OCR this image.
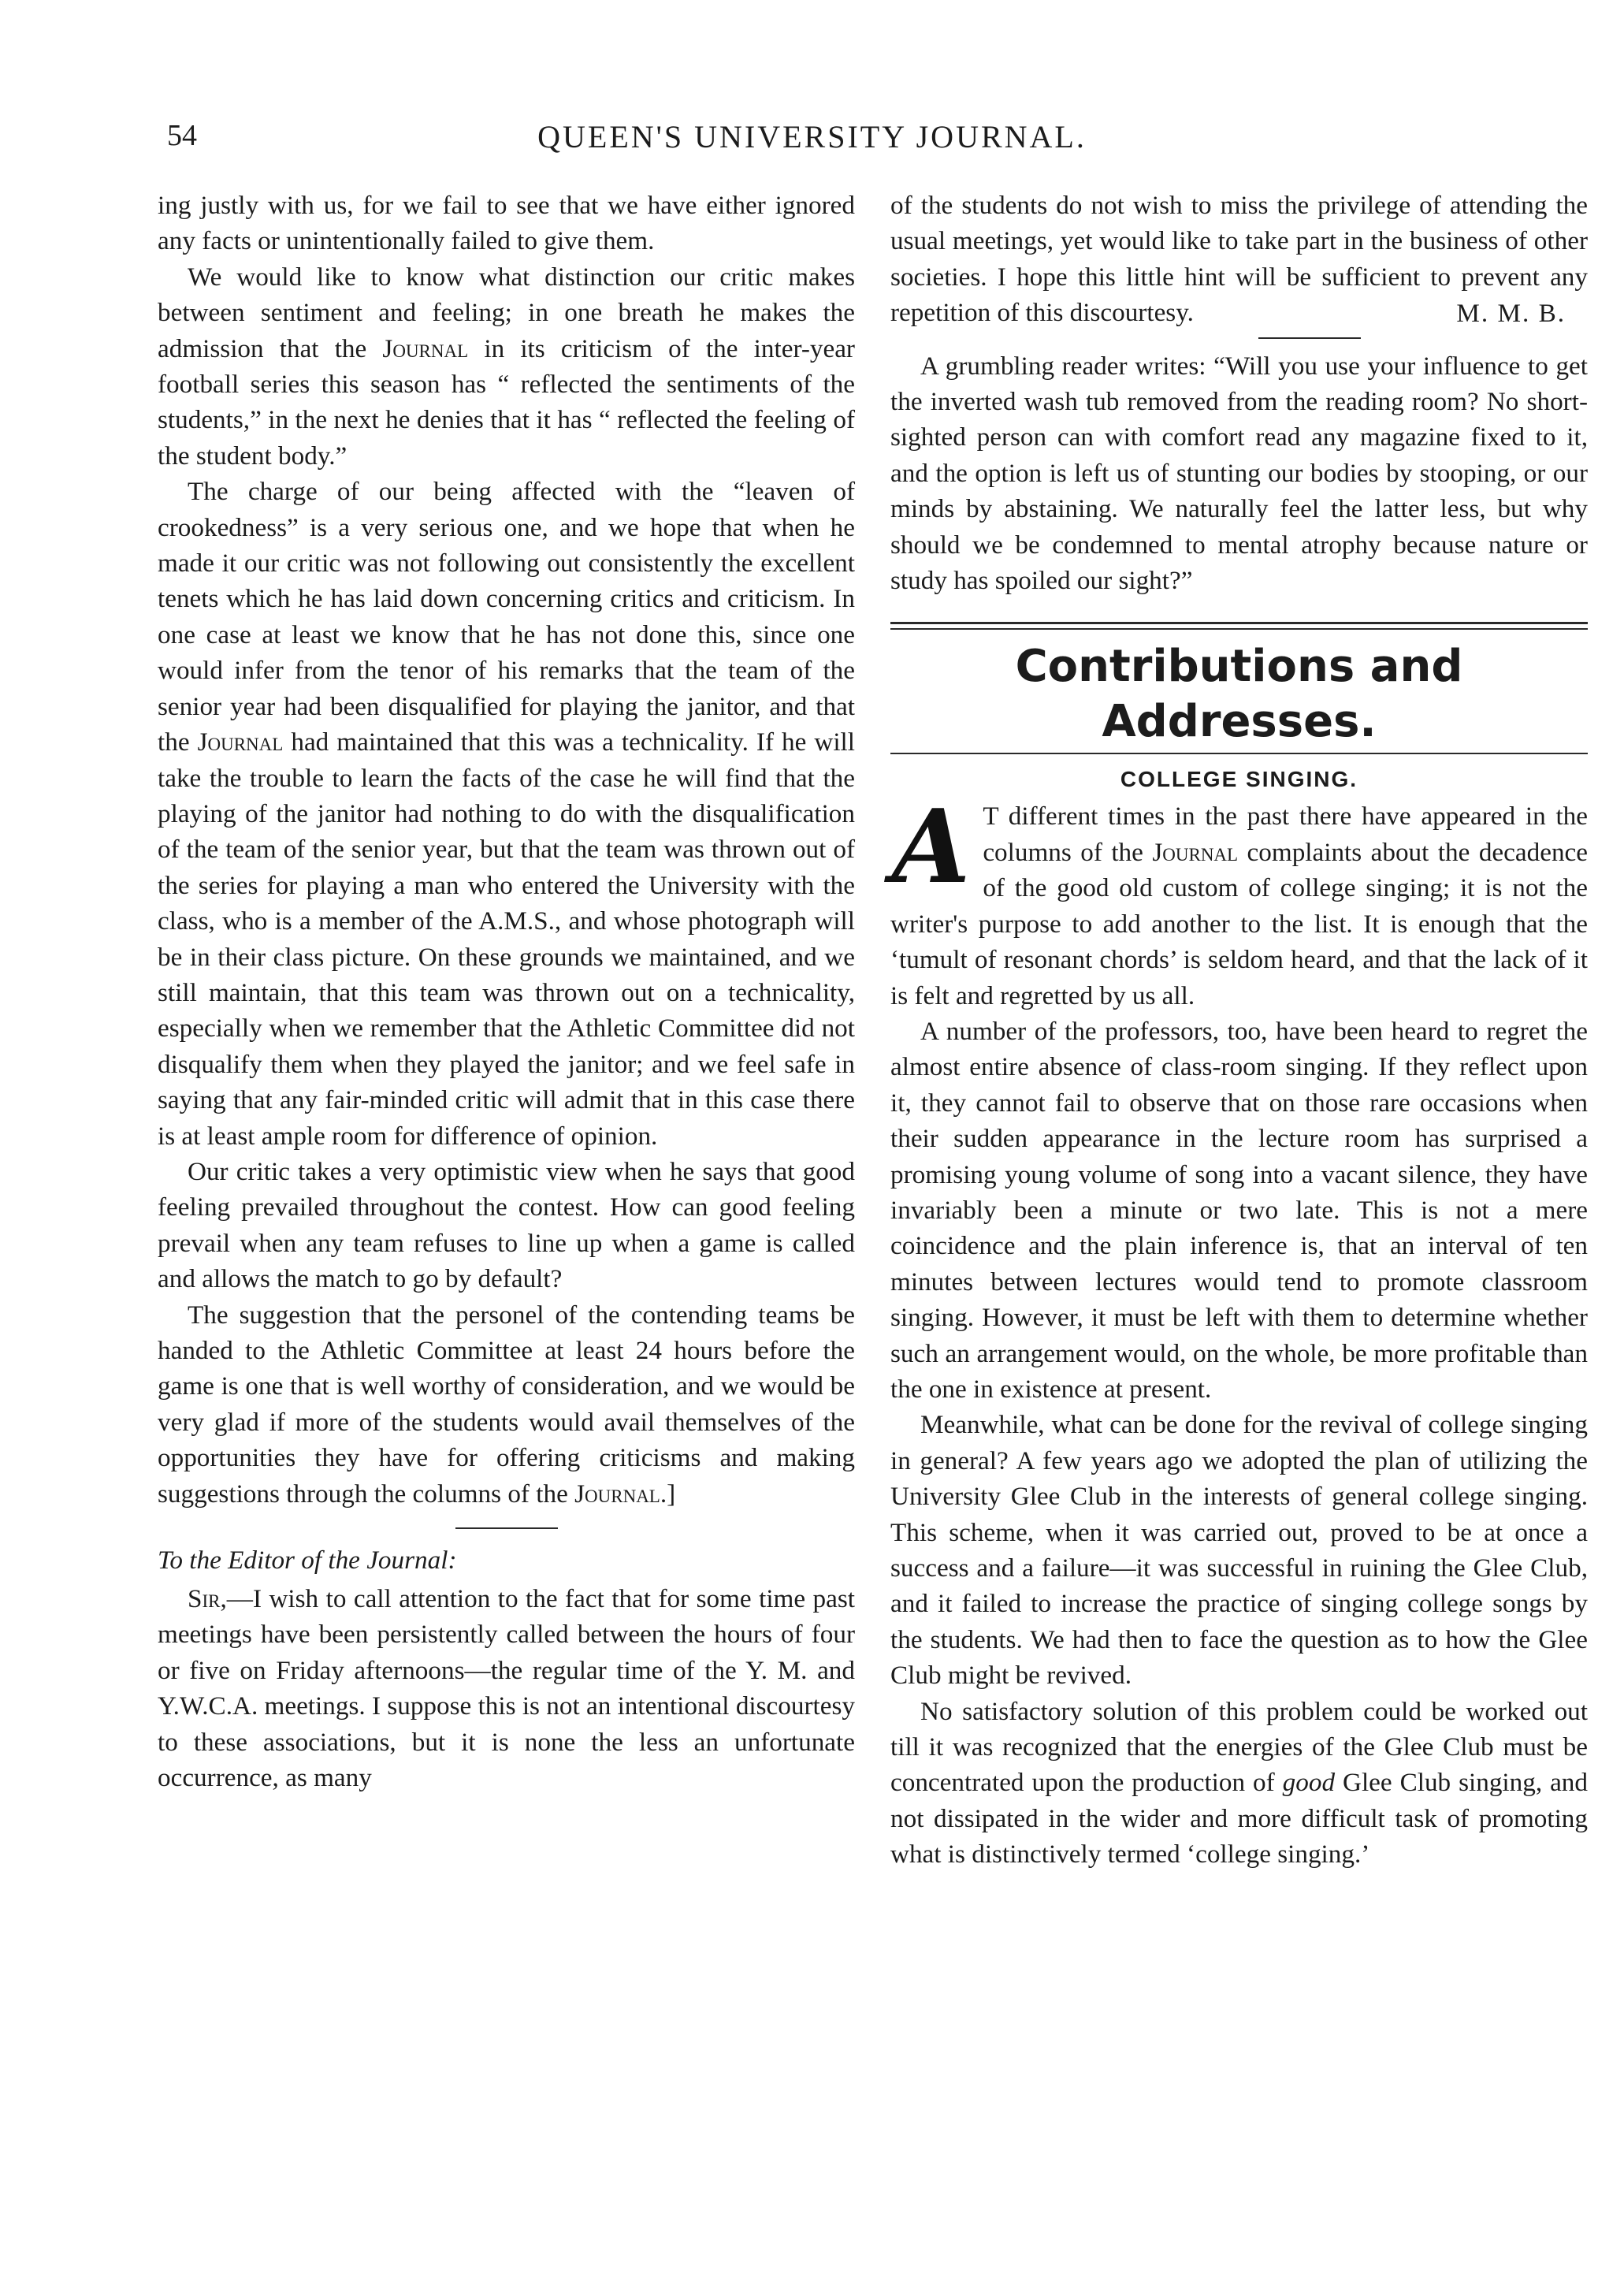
54	QUEEN'S UNIVERSITY JOURNAL.

ing justly with us, for we fail to see that we have either ignored any facts or unintentionally failed to give them.

We would like to know what distinction our critic makes between sentiment and feeling; in one breath he makes the admission that the Journal in its criticism of the inter-year football series this season has “ reflected the sentiments of the students,” in the next he denies that it has “ reflected the feeling of the student body.”

The charge of our being affected with the “leaven of crookedness” is a very serious one, and we hope that when he made it our critic was not following out consistently the excellent tenets which he has laid down concerning critics and criticism. In one case at least we know that he has not done this, since one would infer from the tenor of his remarks that the team of the senior year had been disqualified for playing the janitor, and that the Journal had maintained that this was a technicality. If he will take the trouble to learn the facts of the case he will find that the playing of the janitor had nothing to do with the disqualification of the team of the senior year, but that the team was thrown out of the series for playing a man who entered the University with the class, who is a member of the A.M.S., and whose photograph will be in their class picture. On these grounds we maintained, and we still maintain, that this team was thrown out on a technicality, especially when we remember that the Athletic Committee did not disqualify them when they played the janitor; and we feel safe in saying that any fair-minded critic will admit that in this case there is at least ample room for difference of opinion.

Our critic takes a very optimistic view when he says that good feeling prevailed throughout the contest. How can good feeling prevail when any team refuses to line up when a game is called and allows the match to go by default?

The suggestion that the personel of the contending teams be handed to the Athletic Committee at least 24 hours before the game is one that is well worthy of consideration, and we would be very glad if more of the students would avail themselves of the opportunities they have for offering criticisms and making suggestions through the columns of the Journal.]

To the Editor of the Journal:

Sir,—I wish to call attention to the fact that for some time past meetings have been persistently called between the hours of four or five on Friday afternoons—the regular time of the Y. M. and Y.W.C.A. meetings. I suppose this is not an intentional discourtesy to these associations, but it is none the less an unfortunate occurrence, as many

of the students do not wish to miss the privilege of attending the usual meetings, yet would like to take part in the business of other societies. I hope this little hint will be sufficient to prevent any repetition of this discourtesy.	M. M. B.

A grumbling reader writes: “Will you use your influence to get the inverted wash tub removed from the reading room? No short-sighted person can with comfort read any magazine fixed to it, and the option is left us of stunting our bodies by stooping, or our minds by abstaining. We naturally feel the latter less, but why should we be condemned to mental atrophy because nature or study has spoiled our sight?”

Contributions and Addresses.
COLLEGE SINGING.

A T different times in the past there have appeared in the columns of the Journal complaints about the decadence of the good old custom of college singing; it is not the writer's purpose to add another to the list. It is enough that the ‘tumult of resonant chords’ is seldom heard, and that the lack of it is felt and regretted by us all.

A number of the professors, too, have been heard to regret the almost entire absence of class-room singing. If they reflect upon it, they cannot fail to observe that on those rare occasions when their sudden appearance in the lecture room has surprised a promising young volume of song into a vacant silence, they have invariably been a minute or two late. This is not a mere coincidence and the plain inference is, that an interval of ten minutes between lectures would tend to promote classroom singing. However, it must be left with them to determine whether such an arrangement would, on the whole, be more profitable than the one in existence at present.

Meanwhile, what can be done for the revival of college singing in general? A few years ago we adopted the plan of utilizing the University Glee Club in the interests of general college singing. This scheme, when it was carried out, proved to be at once a success and a failure—it was successful in ruining the Glee Club, and it failed to increase the practice of singing college songs by the students. We had then to face the question as to how the Glee Club might be revived.

No satisfactory solution of this problem could be worked out till it was recognized that the energies of the Glee Club must be concentrated upon the production of good Glee Club singing, and not dissipated in the wider and more difficult task of promoting what is distinctively termed ‘college singing.’
